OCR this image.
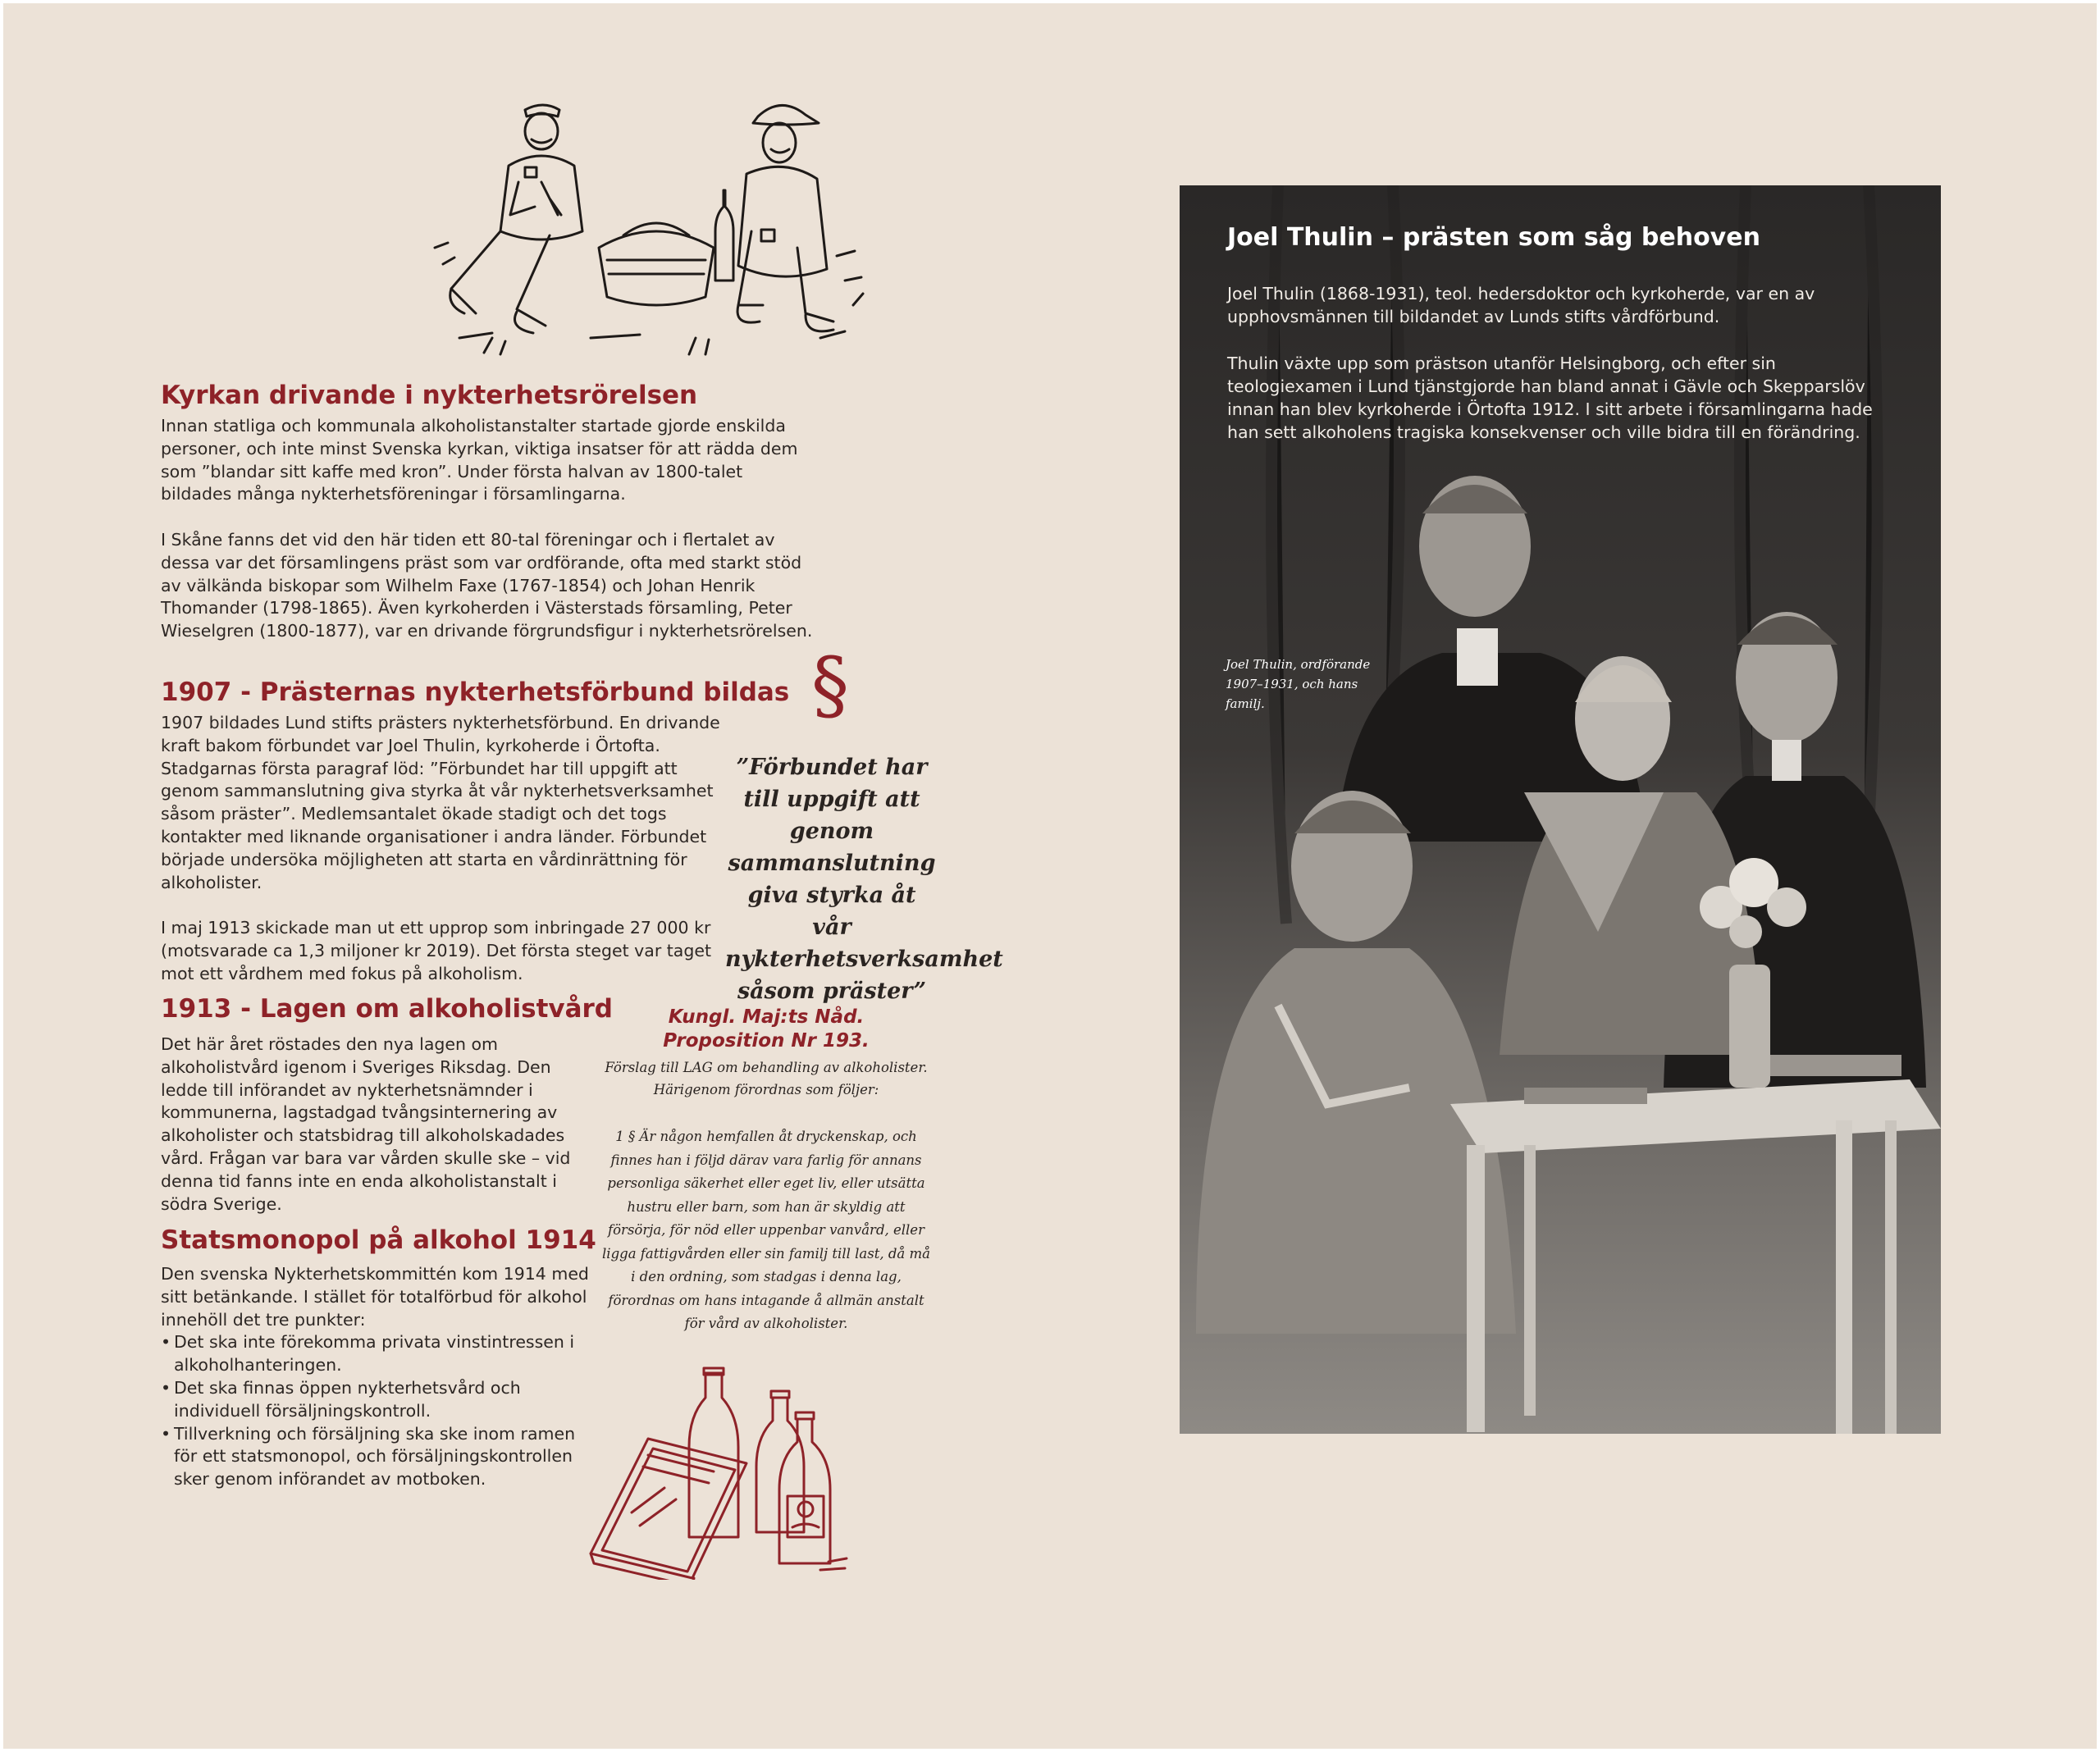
Kyrkan drivande i nykterhetsrörelsen

Innan statliga och kommunala alkoholistanstalter startade gjorde enskilda personer, och inte minst Svenska kyrkan, viktiga insatser för att rädda dem som ”blandar sitt kaffe med kron”. Under första halvan av 1800-talet bildades många nykterhetsföreningar i församlingarna.

I Skåne fanns det vid den här tiden ett 80-tal föreningar och i flertalet av dessa var det församlingens präst som var ordförande, ofta med starkt stöd av välkända biskopar som Wilhelm Faxe (1767-1854) och Johan Henrik Thomander (1798-1865). Även kyrkoherden i Västerstads församling, Peter Wieselgren (1800-1877), var en drivande förgrundsfigur i nykterhetsrörelsen.

1907 - Prästernas nykterhetsförbund bildas

1907 bildades Lund stifts prästers nykterhetsförbund. En drivande kraft bakom förbundet var Joel Thulin, kyrkoherde i Örtofta. Stadgarnas första paragraf löd: ”Förbundet har till uppgift att genom sammanslutning giva styrka åt vår nykterhetsverksamhet såsom präster”. Medlemsantalet ökade stadigt och det togs kontakter med liknande organisationer i andra länder. Förbundet började undersöka möjligheten att starta en vårdinrättning för alkoholister.

I maj 1913 skickade man ut ett upprop som inbringade 27 000 kr (motsvarade ca 1,3 miljoner kr 2019). Det första steget var taget mot ett vårdhem med fokus på alkoholism.

§
”Förbundet har till uppgift att genom sammanslutning giva styrka åt vår nykterhetsverksamhet såsom präster”
1913 - Lagen om alkoholistvård

Det här året röstades den nya lagen om alkoholistvård igenom i Sveriges Riksdag. Den ledde till införandet av nykterhetsnämnder i kommunerna, lagstadgad tvångsinternering av alkoholister och statsbidrag till alkoholskadades vård. Frågan var bara var vården skulle ske – vid denna tid fanns inte en enda alkoholistanstalt i södra Sverige.

Statsmonopol på alkohol 1914

Den svenska Nykterhetskommittén kom 1914 med sitt betänkande. I stället för totalförbud för alkohol innehöll det tre punkter:

• Det ska inte förekomma privata vinstintressen i alkoholhanteringen.
• Det ska finnas öppen nykterhetsvård och individuell försäljningskontroll.
• Tillverkning och försäljning ska ske inom ramen för ett statsmonopol, och försäljningskontrollen sker genom införandet av motboken.
Kungl. Maj:ts Nåd.
Proposition Nr 193.
Förslag till LAG om behandling av alkoholister.
Härigenom förordnas som följer:
1 § Är någon hemfallen åt dryckenskap, och finnes han i följd därav vara farlig för annans personliga säkerhet eller eget liv, eller utsätta hustru eller barn, som han är skyldig att försörja, för nöd eller uppenbar vanvård, eller ligga fattigvården eller sin familj till last, då må i den ordning, som stadgas i denna lag, förordnas om hans intagande å allmän anstalt för vård av alkoholister.
Joel Thulin – prästen som såg behoven

Joel Thulin (1868-1931), teol. hedersdoktor och kyrkoherde, var en av upphovsmännen till bildandet av Lunds stifts vårdförbund.

Thulin växte upp som prästson utanför Helsingborg, och efter sin teologiexamen i Lund tjänstgjorde han bland annat i Gävle och Skepparslöv innan han blev kyrkoherde i Örtofta 1912. I sitt arbete i församlingarna hade han sett alkoholens tragiska konsekvenser och ville bidra till en förändring.

Joel Thulin, ordförande 1907–1931, och hans familj.
